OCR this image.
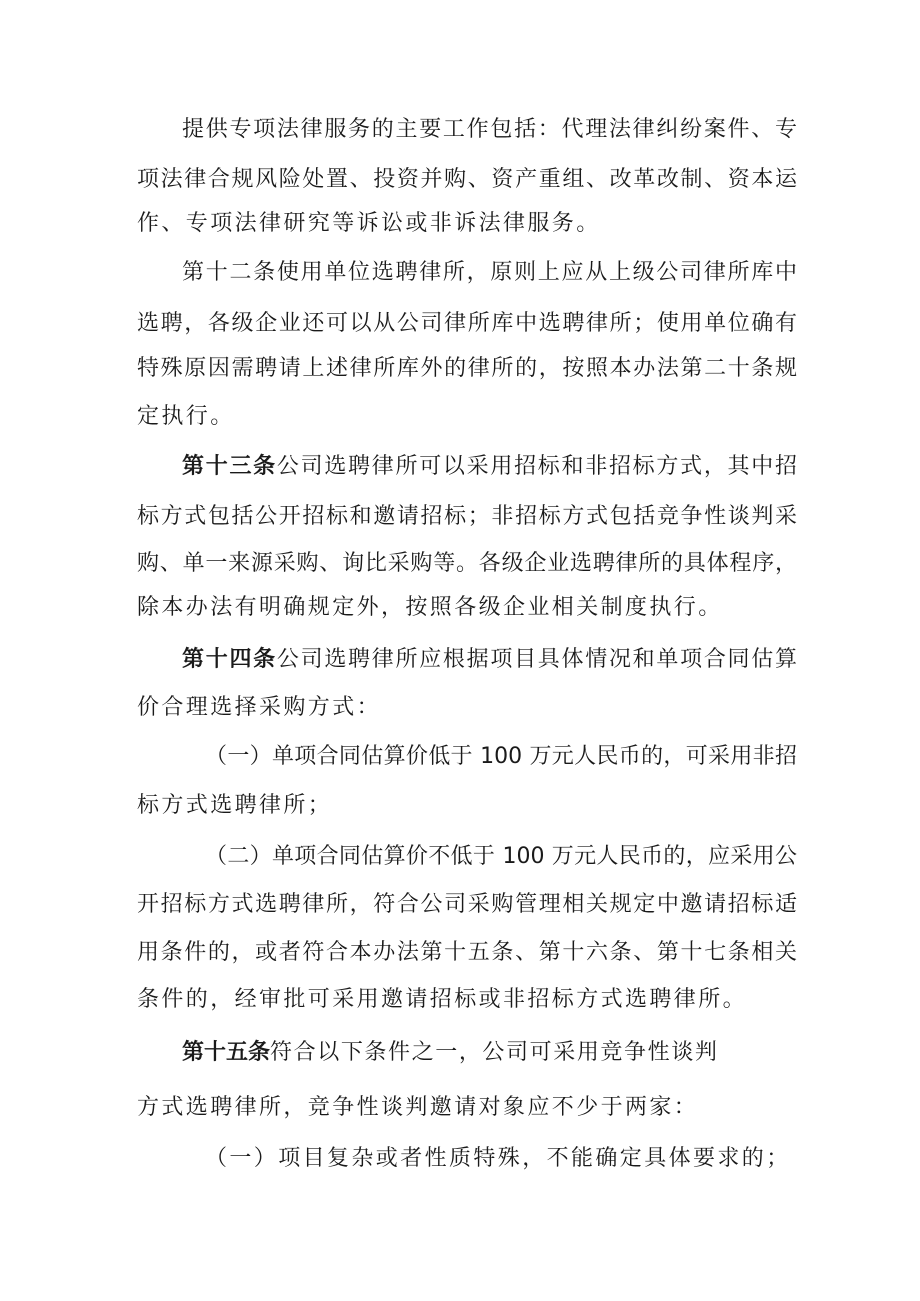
提供专项法律服务的主要工作包括：代理法律纠纷案件、专
项法律合规风险处置、投资并购、资产重组、改革改制、资本运
作、专项法律研究等诉讼或非诉法律服务。
第十二条使用单位选聘律所，原则上应从上级公司律所库中
选聘，各级企业还可以从公司律所库中选聘律所；使用单位确有
特殊原因需聘请上述律所库外的律所的，按照本办法第二十条规
定执行。
第十三条公司选聘律所可以采用招标和非招标方式，其中招
标方式包括公开招标和邀请招标；非招标方式包括竞争性谈判采
购、单一来源采购、询比采购等。各级企业选聘律所的具体程序，
除本办法有明确规定外，按照各级企业相关制度执行。
第十四条公司选聘律所应根据项目具体情况和单项合同估算
价合理选择采购方式：
（一）单项合同估算价低于 100 万元人民币的，可采用非招
标方式选聘律所；
（二）单项合同估算价不低于 100 万元人民币的，应采用公
开招标方式选聘律所，符合公司采购管理相关规定中邀请招标适
用条件的，或者符合本办法第十五条、第十六条、第十七条相关
条件的，经审批可采用邀请招标或非招标方式选聘律所。
第十五条符合以下条件之一，公司可采用竞争性谈判
方式选聘律所，竞争性谈判邀请对象应不少于两家：
（一）项目复杂或者性质特殊，不能确定具体要求的；
